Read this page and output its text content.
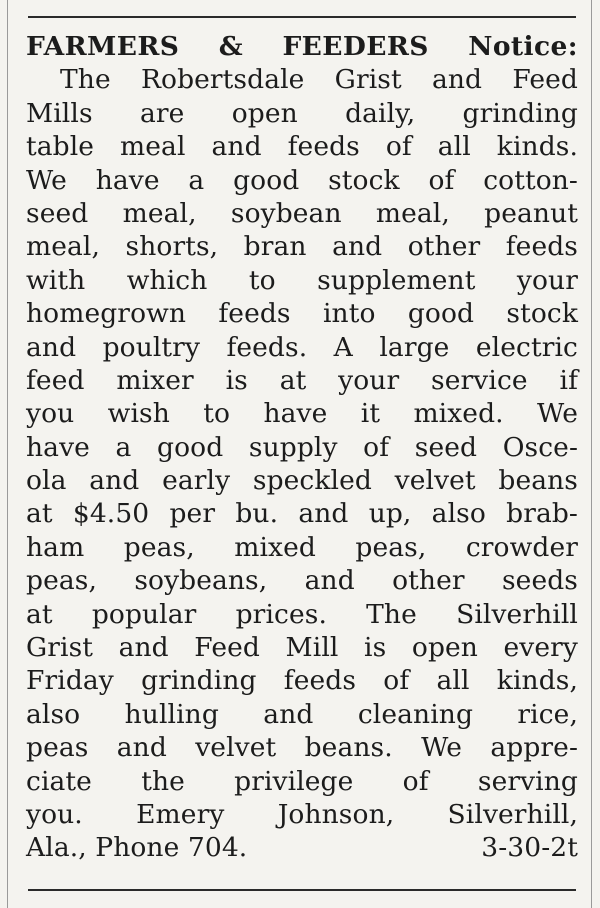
FARMERS & FEEDERS Notice:
The Robertsdale Grist and Feed
Mills are open daily, grinding
table meal and feeds of all kinds.
We have a good stock of cotton-
seed meal, soybean meal, peanut
meal, shorts, bran and other feeds
with which to supplement your
homegrown feeds into good stock
and poultry feeds. A large electric
feed mixer is at your service if
you wish to have it mixed. We
have a good supply of seed Osce-
ola and early speckled velvet beans
at $4.50 per bu. and up, also brab-
ham peas, mixed peas, crowder
peas, soybeans, and other seeds
at popular prices. The Silverhill
Grist and Feed Mill is open every
Friday grinding feeds of all kinds,
also hulling and cleaning rice,
peas and velvet beans. We appre-
ciate the privilege of serving
you. Emery Johnson, Silverhill,
Ala., Phone 704.	3-30-2t
